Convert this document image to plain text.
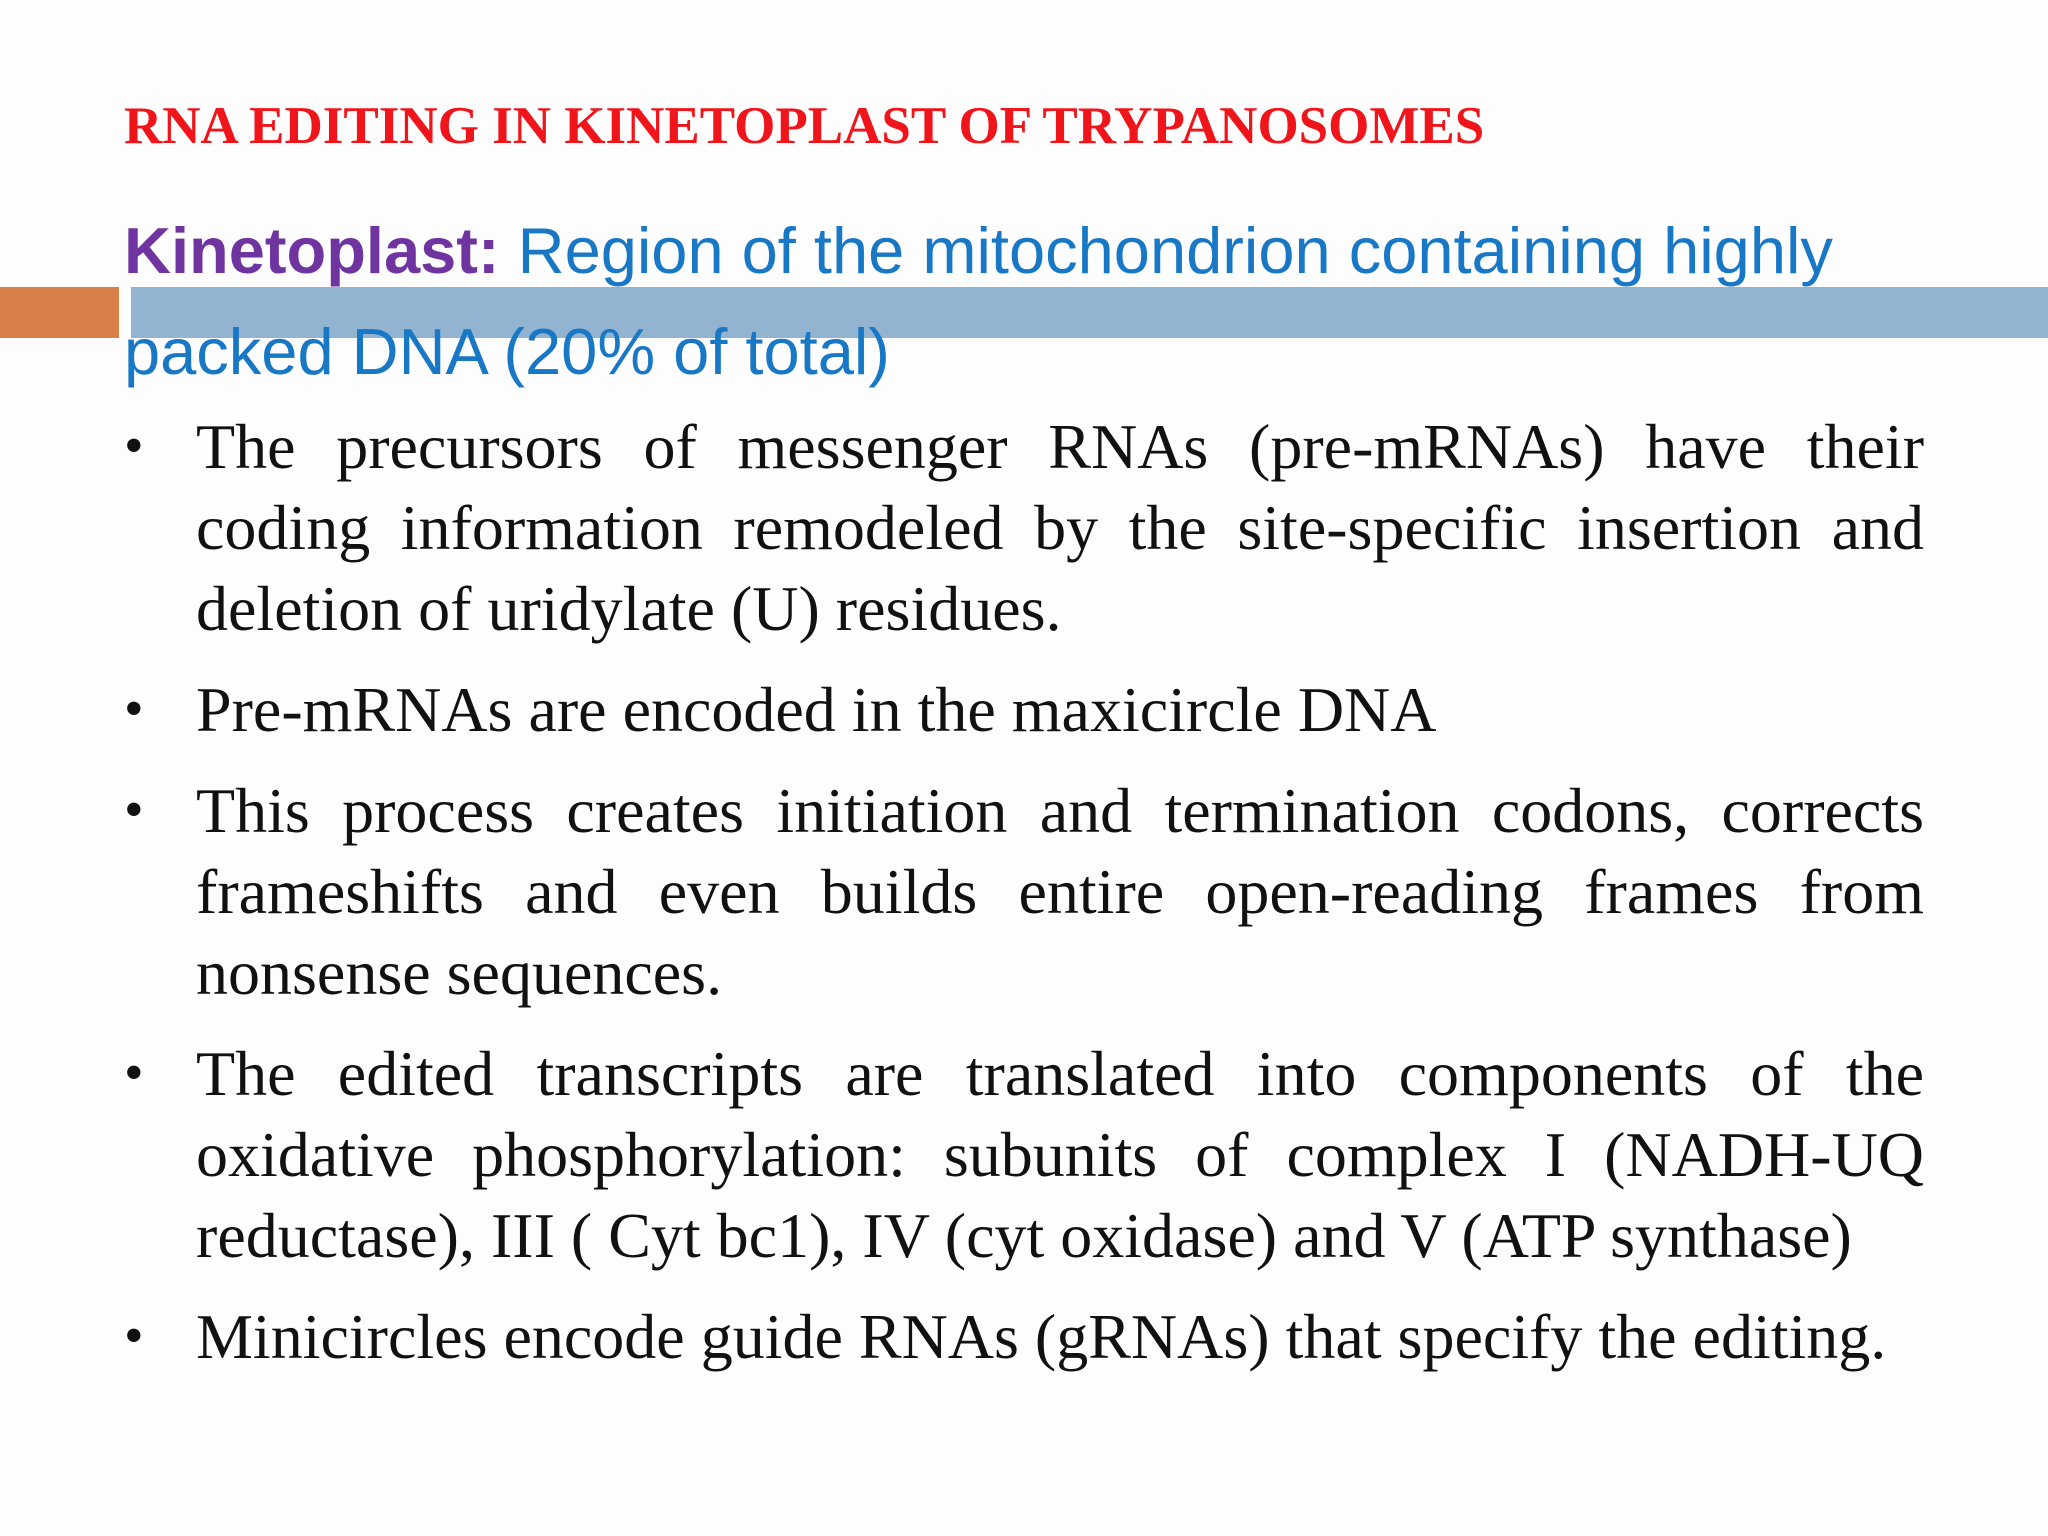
RNA EDITING IN KINETOPLAST OF TRYPANOSOMES

Kinetoplast: Region of the mitochondrion containing highly packed DNA (20% of total)

• The precursors of messenger RNAs (pre-mRNAs) have their coding information remodeled by the site-specific insertion and deletion of uridylate (U) residues.
• Pre-mRNAs are encoded in the maxicircle DNA
• This process creates initiation and termination codons, corrects frameshifts and even builds entire open-reading frames from nonsense sequences.
• The edited transcripts are translated into components of the oxidative phosphorylation: subunits of complex I (NADH-UQ reductase), III ( Cyt bc1), IV (cyt oxidase) and V (ATP synthase)
• Minicircles encode guide RNAs (gRNAs) that specify the editing.
